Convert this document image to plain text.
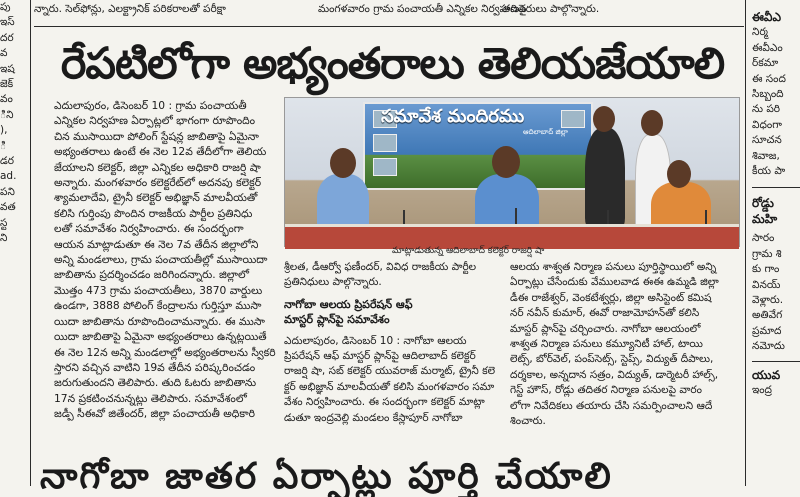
పు

ఇస్

దర

వ

ఇష

జెక్

వం

ిని

),

ి

డర

ad.

పని

వత

స్ట

ని

న్నారు. సెల్‌ఫోన్లు, ఎలక్ట్రానిక్ పరికరాలతో పరీక్షా	మంగళవారం గ్రామ పంచాయతీ ఎన్నికల నిర్వహణపై

తదితరులు పాల్గొన్నారు.

రేపటిలోగా అభ్యంతరాలు తెలియజేయాలి

ఎదులాపురం, డిసెంబర్ 10 : గ్రామ పంచాయతీ

ఎన్నికల నిర్వహణ ఏర్పాట్లలో భాగంగా రూపొందిం

చిన ముసాయిదా పోలింగ్ స్టేషన్ల జాబితాపై ఏమైనా

అభ్యంతరాలు ఉంటే ఈ నెల 12వ తేదీలోగా తెలియ

జేయాలని కలెక్టర్, జిల్లా ఎన్నికల అధికారి రాజర్షి షా

అన్నారు. మంగళవారం కలెక్టరేట్‌లో అదనపు కలెక్టర్

శ్యామలాదేవి, ట్రైనీ కలెక్టర్ అభిజ్ఞాన్ మాలవీయతో

కలిసి గుర్తింపు పొందిన రాజకీయ పార్టీల ప్రతినిధు

లతో సమావేశం నిర్వహించారు. ఈ సందర్భంగా

ఆయన మాట్లాడుతూ ఈ నెల 7వ తేదీన జిల్లాలోని

అన్ని మండలాలు, గ్రామ పంచాయతీల్లో ముసాయిదా

జాబితాను ప్రదర్శించడం జరిగిందన్నారు. జిల్లాలో

మొత్తం 473 గ్రామ పంచాయతీలు, 3870 వార్డులు

ఉండగా, 3888 పోలింగ్ కేంద్రాలను గుర్తిస్తూ ముసా

యిదా జాబితాను రూపొందించామన్నారు. ఈ ముసా

యిదా జాబితాపై ఏమైనా అభ్యంతరాలు ఉన్నట్లయితే

ఈ నెల 12న అన్ని మండలాల్లో అభ్యంతరాలను స్వీకరి

స్తారని వచ్చిన వాటిని 19వ తేదీన పరిష్కరించడం

జరుగుతుందని తెలిపారు. తుది ఓటరు జాబితాను

17న ప్రకటించనున్నట్లు తెలిపారు. సమావేశంలో

జడ్పీ సీఈవో జితేందర్, జిల్లా పంచాయతీ అధికారి

సమావేశ మందిరము
ఆదిలాబాద్ జిల్లా
మాట్లాడుతున్న ఆదిలాబాద్ కలెక్టర్ రాజర్షి షా

శ్రీలత, డీఆర్వో ఫణీందర్, వివిధ రాజకీయ పార్టీల

ప్రతినిధులు పాల్గొన్నారు.

నాగోబా ఆలయ ప్రిపరేషన్ ఆఫ్

మాస్టర్ ప్లాన్‌పై సమావేశం

ఎదులాపురం, డిసెంబర్ 10 : నాగోబా ఆలయ

ప్రిపరేషన్ ఆఫ్ మాస్టర్ ప్లాన్‌పై ఆదిలాబాద్ కలెక్టర్

రాజర్షి షా, సబ్ కలెక్టర్ యువరాజ్ మర్మాట్, ట్రైనీ కలె

క్టర్ అభిజ్ఞాన్ మాలవీయతో కలిసి మంగళవారం సమా

వేశం నిర్వహించారు. ఈ సందర్భంగా కలెక్టర్ మాట్లా

డుతూ ఇంద్రవెల్లి మండలం కేస్లాపూర్ నాగోబా

ఆలయ శాశ్వత నిర్మాణ పనులు పూర్తిస్థాయిలో అన్ని

ఏర్పాట్లు చేసేందుకు వేములవాడ ఈఈ ఉమ్మడి జిల్లా

డీఈ రాజేశ్వర్, వెంకటేశ్వర్లు, జిల్లా అసిస్టెంట్ కమిష

నర్ నవీన్ కుమార్, ఈవో రాజామోహన్‌తో కలిసి

మాస్టర్ ప్లాన్‌పై చర్చించారు. నాగోబా ఆలయంలో

శాశ్వత నిర్మాణ పనులు కమ్యూనిటీ హాల్, టాయి

లెట్స్, బోర్‌వెల్, పంప్‌సెట్స్, స్టెప్స్, విద్యుత్ దీపాలు,

దర్శకాల, అన్నదాన సత్రం, విద్యుత్, డార్మెటరీ హాల్స్,

గెస్ట్ హౌస్, రోడ్లు తదితర నిర్మాణ పనులపై వారం

లోగా నివేదికలు తయారు చేసి సమర్పించాలని ఆదే

శించారు.

ఈవీఎ

నిర్మ

ఈవీఎం

ర్‌కమా

ఈ సంద

సిబ్బంది

ను పరి

విధంగా

సూచన

శివాజ,

కీయ పా

రోడ్డు

మహి

సారం

గ్రామ శి

కు గాం

వినయ్

వెళ్లారు.

అతివేగ

ప్రమాద

నమోదు

యువ

ఇంద్ర

నాగోబా జాతర ఏర్పాట్లు పూర్తి చేయాలి
